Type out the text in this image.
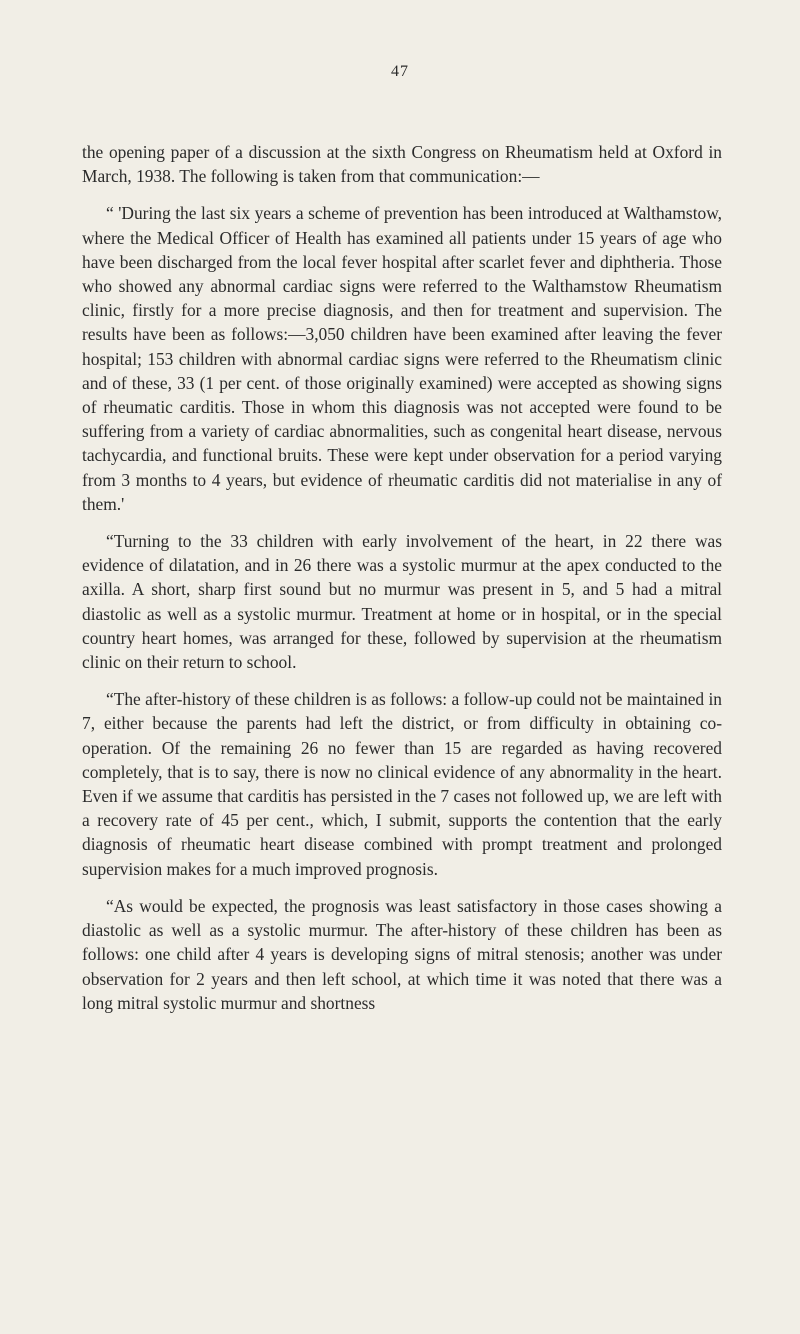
47

the opening paper of a discussion at the sixth Congress on Rheumatism held at Oxford in March, 1938. The following is taken from that communication:—

“ 'During the last six years a scheme of prevention has been introduced at Walthamstow, where the Medical Officer of Health has examined all patients under 15 years of age who have been discharged from the local fever hospital after scarlet fever and diphtheria. Those who showed any abnormal cardiac signs were referred to the Walthamstow Rheumatism clinic, firstly for a more precise diagnosis, and then for treatment and supervision. The results have been as follows:—3,050 children have been examined after leaving the fever hospital; 153 children with abnormal cardiac signs were referred to the Rheumatism clinic and of these, 33 (1 per cent. of those originally examined) were accepted as showing signs of rheumatic carditis. Those in whom this diagnosis was not accepted were found to be suffering from a variety of cardiac abnormalities, such as congenital heart disease, nervous tachycardia, and functional bruits. These were kept under observation for a period varying from 3 months to 4 years, but evidence of rheumatic carditis did not materialise in any of them.'

“Turning to the 33 children with early involvement of the heart, in 22 there was evidence of dilatation, and in 26 there was a systolic murmur at the apex conducted to the axilla. A short, sharp first sound but no murmur was present in 5, and 5 had a mitral diastolic as well as a systolic murmur. Treatment at home or in hospital, or in the special country heart homes, was arranged for these, followed by supervision at the rheumatism clinic on their return to school.

“The after-history of these children is as follows: a follow-up could not be maintained in 7, either because the parents had left the district, or from difficulty in obtaining co-operation. Of the remaining 26 no fewer than 15 are regarded as having recovered completely, that is to say, there is now no clinical evidence of any abnormality in the heart. Even if we assume that carditis has persisted in the 7 cases not followed up, we are left with a recovery rate of 45 per cent., which, I submit, supports the contention that the early diagnosis of rheumatic heart disease combined with prompt treatment and prolonged supervision makes for a much improved prognosis.

“As would be expected, the prognosis was least satisfactory in those cases showing a diastolic as well as a systolic murmur. The after-history of these children has been as follows: one child after 4 years is developing signs of mitral stenosis; another was under observation for 2 years and then left school, at which time it was noted that there was a long mitral systolic murmur and shortness
